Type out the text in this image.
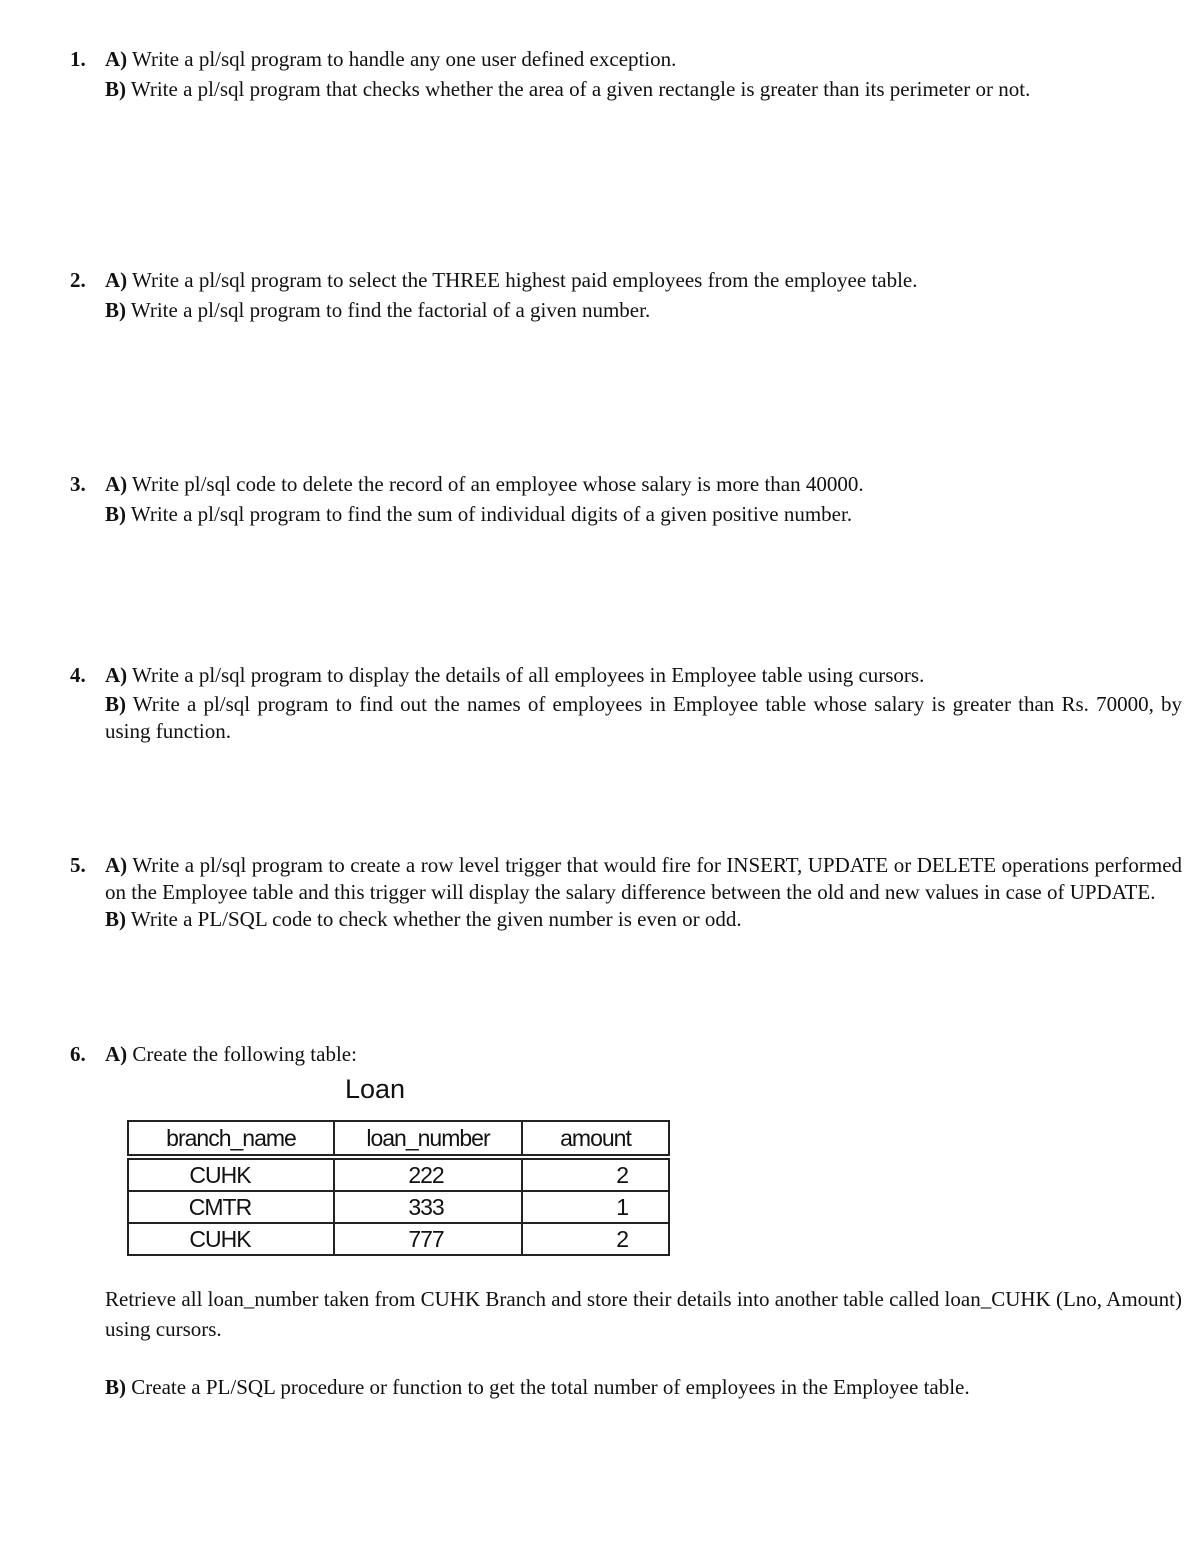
1. A) Write a pl/sql program to handle any one user defined exception.
B) Write a pl/sql program that checks whether the area of a given rectangle is greater than its perimeter or not.
2. A) Write a pl/sql program to select the THREE highest paid employees from the employee table.
B) Write a pl/sql program to find the factorial of a given number.
3. A) Write pl/sql code to delete the record of an employee whose salary is more than 40000.
B) Write a pl/sql program to find the sum of individual digits of a given positive number.
4. A) Write a pl/sql program to display the details of all employees in Employee table using cursors.
B) Write a pl/sql program to find out the names of employees in Employee table whose salary is greater than Rs. 70000, by using function.
5. A) Write a pl/sql program to create a row level trigger that would fire for INSERT, UPDATE or DELETE operations performed on the Employee table and this trigger will display the salary difference between the old and new values in case of UPDATE.
B) Write a PL/SQL code to check whether the given number is even or odd.
6. A) Create the following table:
Loan
branch_name	loan_number	amount
CUHK	222	2
CMTR	333	1
CUHK	777	2
Retrieve all loan_number taken from CUHK Branch and store their details into another table called loan_CUHK (Lno, Amount) using cursors.
B) Create a PL/SQL procedure or function to get the total number of employees in the Employee table.
